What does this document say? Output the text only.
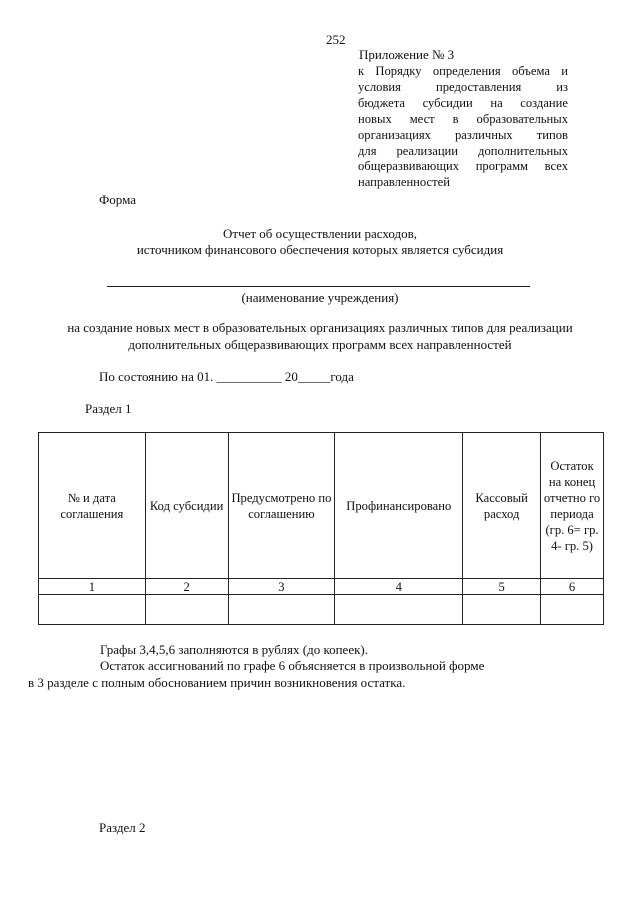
252
Приложение № 3
к Порядку определения объема и
условия предоставления из
бюджета субсидии на создание
новых мест в образовательных
организациях различных типов
для реализации дополнительных
общеразвивающих программ всех
направленностей
Форма
Отчет об осуществлении расходов,
источником финансового обеспечения которых является субсидия
(наименование учреждения)
на создание новых мест в образовательных организациях различных типов для реализации
дополнительных общеразвивающих программ всех направленностей
По состоянию на 01. __________ 20_____года
Раздел 1
№ и дата соглашения	Код субсидии	Предусмотрено по соглашению	Профинансировано	Кассовый расход	Остаток на конец отчетно го периода (гр. 6= гр. 4- гр. 5)
1	2	3	4	5	6

Графы 3,4,5,6 заполняются в рублях (до копеек).
Остаток ассигнований по графе 6 объясняется в произвольной форме
в 3 разделе с полным обоснованием причин возникновения остатка.
Раздел 2
